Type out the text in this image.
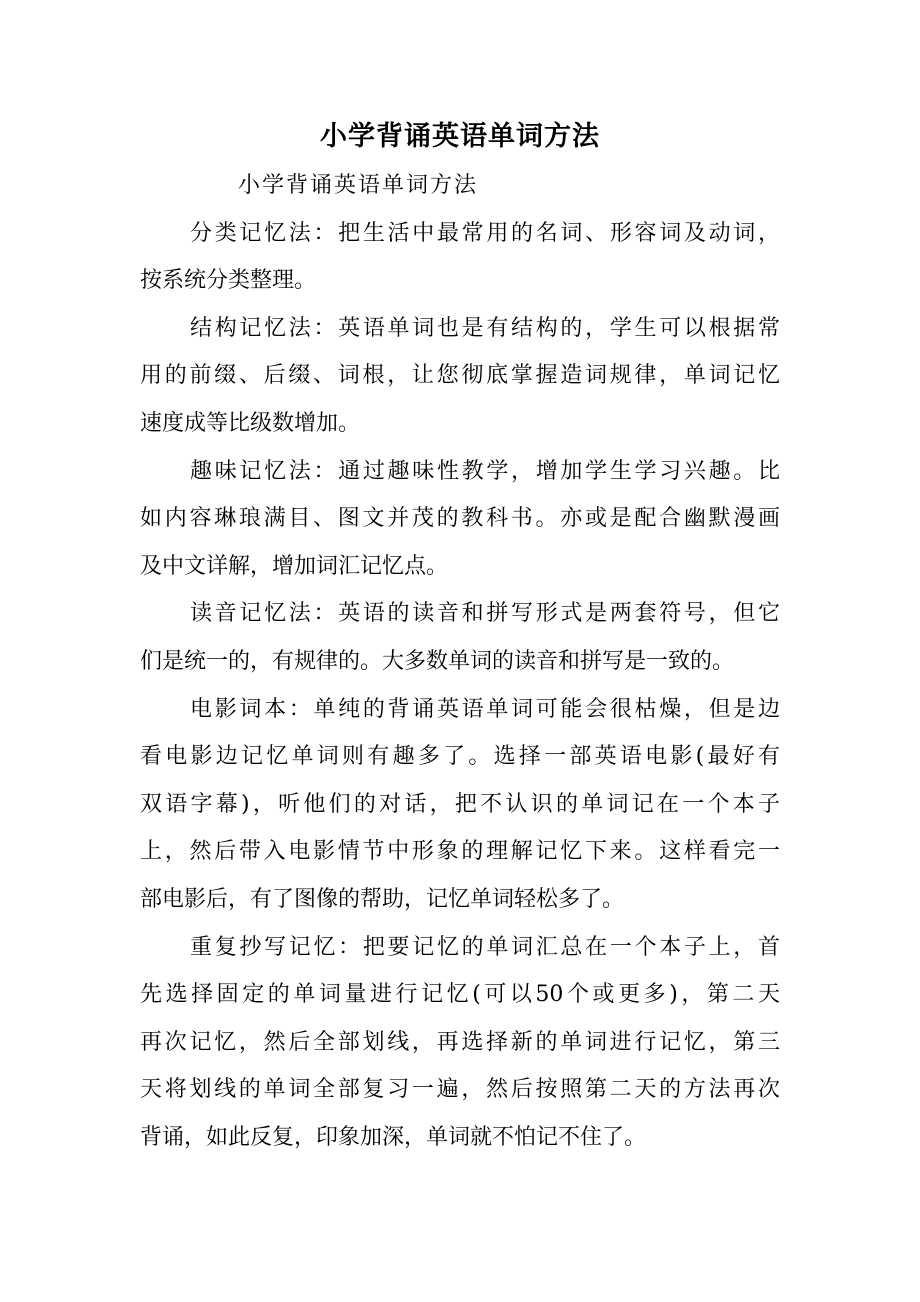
小学背诵英语单词方法
小学背诵英语单词方法
分类记忆法：把生活中最常用的名词、形容词及动词，
按系统分类整理。
结构记忆法：英语单词也是有结构的，学生可以根据常
用的前缀、后缀、词根，让您彻底掌握造词规律，单词记忆
速度成等比级数增加。
趣味记忆法：通过趣味性教学，增加学生学习兴趣。比
如内容琳琅满目、图文并茂的教科书。亦或是配合幽默漫画
及中文详解，增加词汇记忆点。
读音记忆法：英语的读音和拼写形式是两套符号，但它
们是统一的，有规律的。大多数单词的读音和拼写是一致的。
电影词本：单纯的背诵英语单词可能会很枯燥，但是边
看电影边记忆单词则有趣多了。选择一部英语电影(最好有
双语字幕)，听他们的对话，把不认识的单词记在一个本子
上，然后带入电影情节中形象的理解记忆下来。这样看完一
部电影后，有了图像的帮助，记忆单词轻松多了。
重复抄写记忆：把要记忆的单词汇总在一个本子上，首
先选择固定的单词量进行记忆(可以50个或更多)，第二天
再次记忆，然后全部划线，再选择新的单词进行记忆，第三
天将划线的单词全部复习一遍，然后按照第二天的方法再次
背诵，如此反复，印象加深，单词就不怕记不住了。
